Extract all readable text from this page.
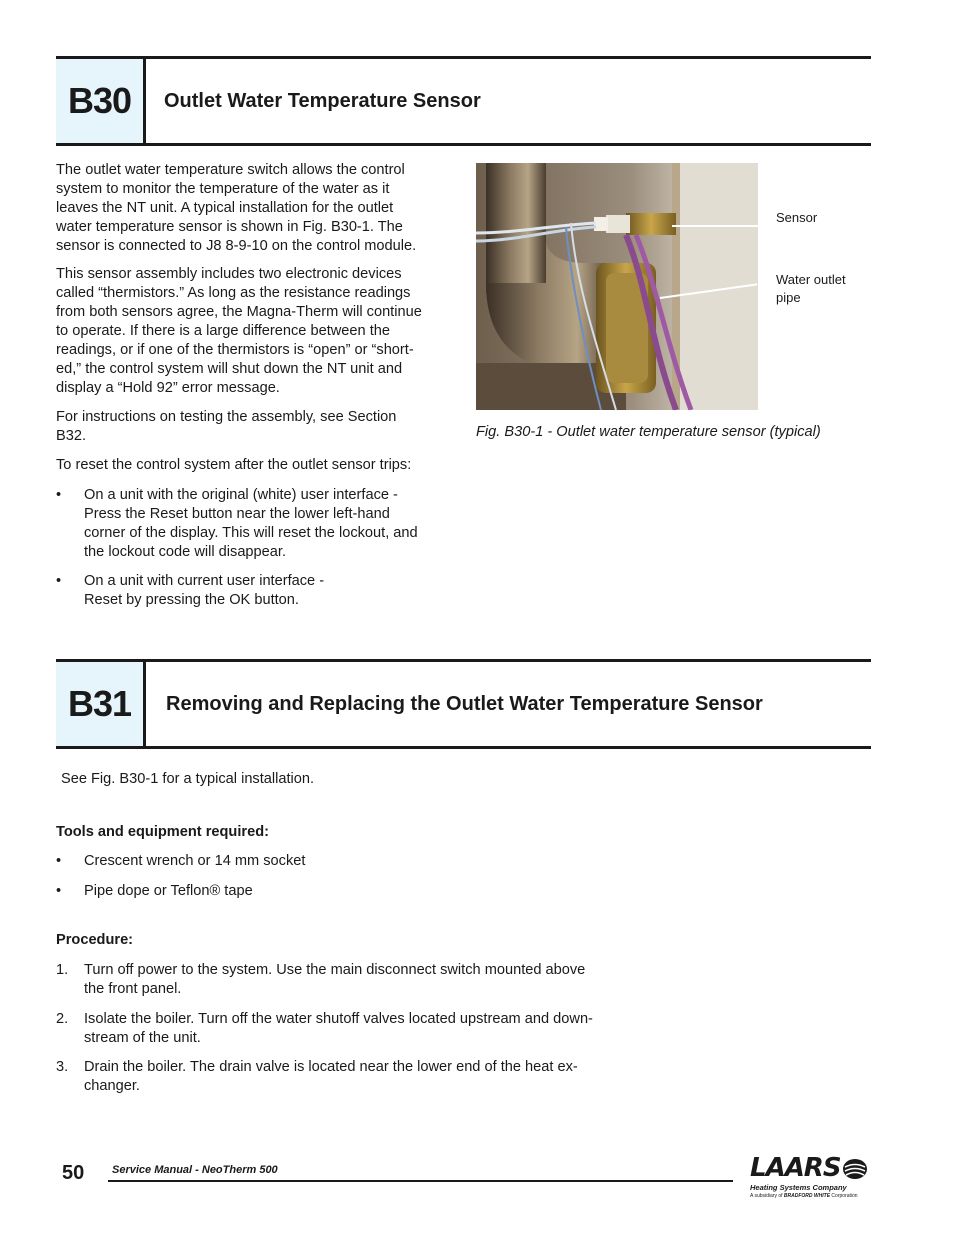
B30	Outlet Water Temperature Sensor
The outlet water temperature switch allows the control
system to monitor the temperature of the water as it
leaves the NT unit. A typical installation for the outlet
water temperature sensor is shown in Fig. B30-1. The
sensor is connected to J8 8-9-10 on the control module.
This sensor assembly includes two electronic devices
called “thermistors.” As long as the resistance readings
from both sensors agree, the Magna-Therm will continue
to operate. If there is a large difference between the
readings, or if one of the thermistors is “open” or “short-
ed,” the control system will shut down the NT unit and
display a “Hold 92” error message.
For instructions on testing the assembly, see Section
B32.
To reset the control system after the outlet sensor trips:
• On a unit with the original (white) user interface -
Press the Reset button near the lower left-hand
corner of the display. This will reset the lockout, and
the lockout code will disappear.
• On a unit with current user interface -
Reset by pressing the OK button.
Sensor
Water outlet
pipe
Fig. B30-1 - Outlet water temperature sensor (typical)
B31	Removing and Replacing the Outlet Water Temperature Sensor
See Fig. B30-1 for a typical installation.
Tools and equipment required:
• Crescent wrench or 14 mm socket
• Pipe dope or Teflon® tape
Procedure:
1. Turn off power to the system. Use the main disconnect switch mounted above
the front panel.
2. Isolate the boiler. Turn off the water shutoff valves located upstream and down-
stream of the unit.
3. Drain the boiler. The drain valve is located near the lower end of the heat ex-
changer.
50	Service Manual - NeoTherm 500	LAARS
Heating Systems Company
A subsidiary of BRADFORD WHITE Corporation
